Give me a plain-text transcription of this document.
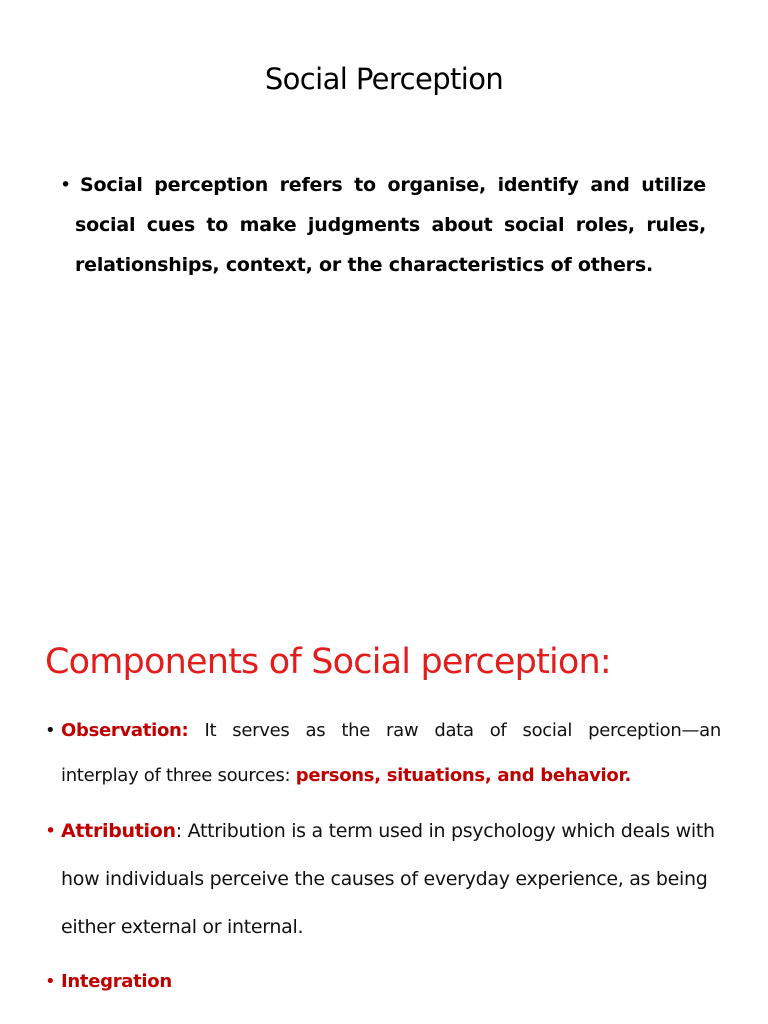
Social Perception
• Social perception refers to organise, identify and utilize
social cues to make judgments about social roles, rules,
relationships, context, or the characteristics of others.
Components of Social perception:
• Observation: It serves as the raw data of social perception—an
interplay of three sources: persons, situations, and behavior.
• Attribution: Attribution is a term used in psychology which deals with
how individuals perceive the causes of everyday experience, as being
either external or internal.
• Integration
